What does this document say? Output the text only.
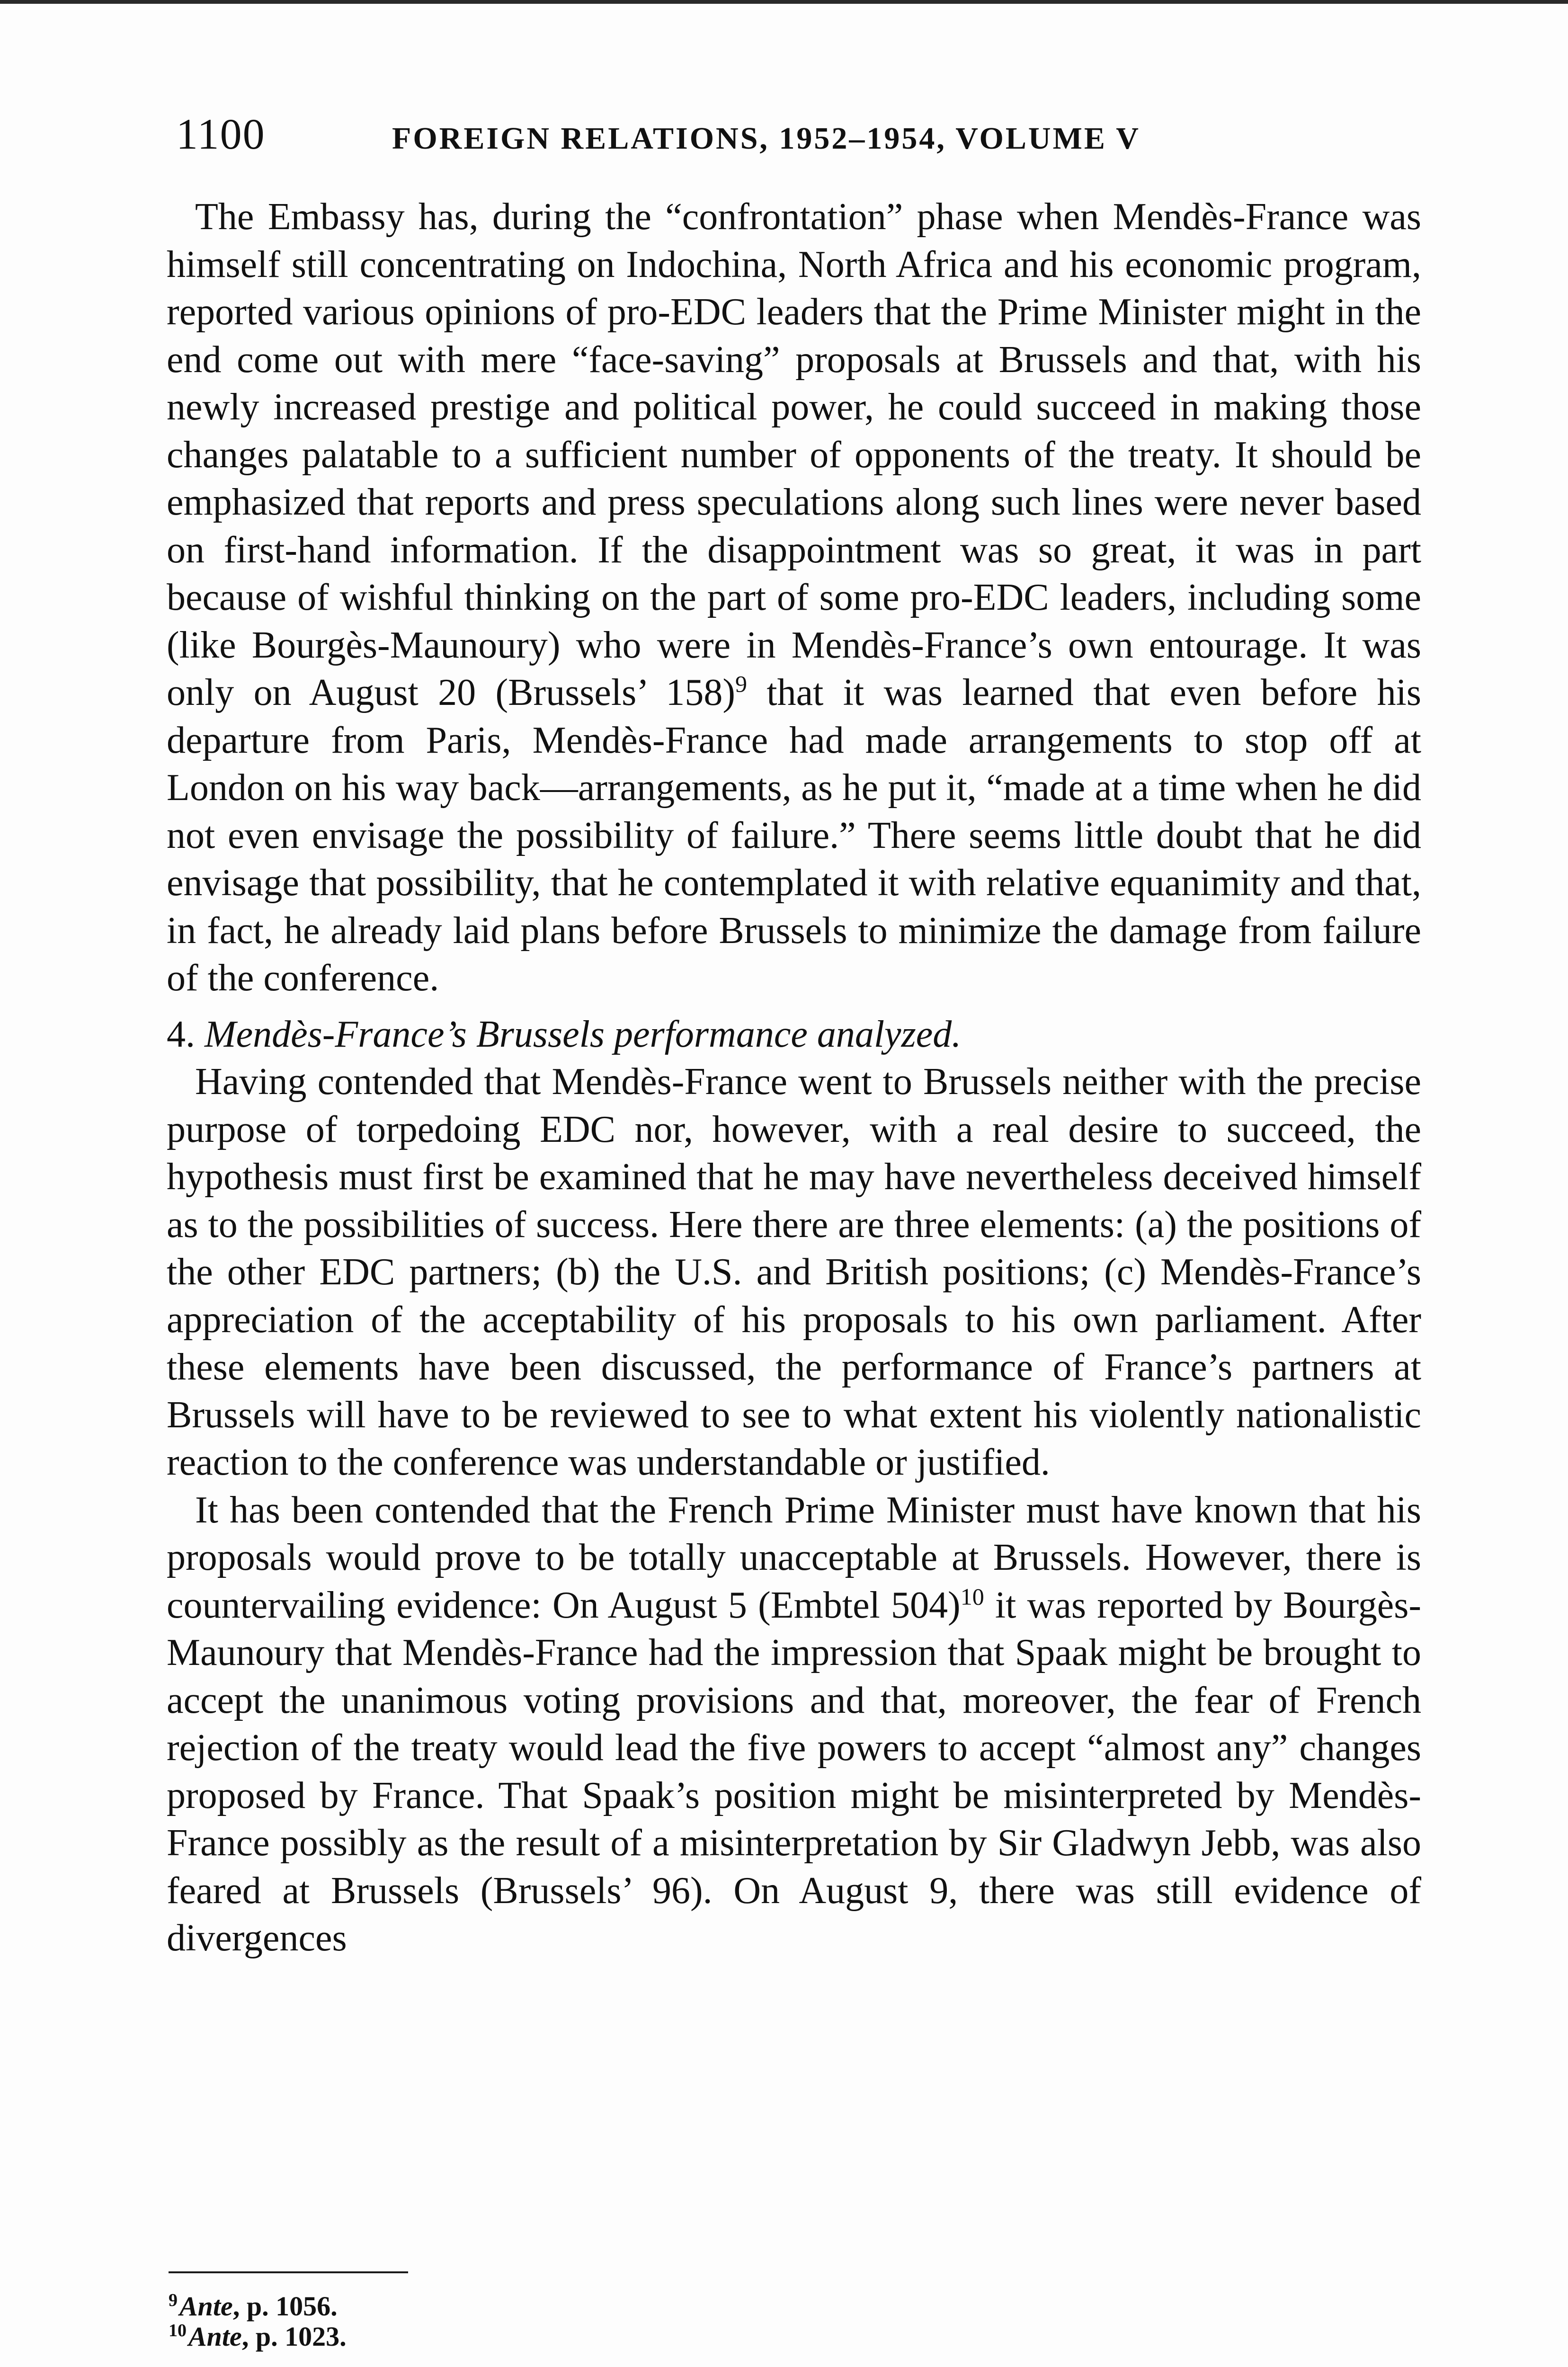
1100	FOREIGN RELATIONS, 1952–1954, VOLUME V

The Embassy has, during the “confrontation” phase when Mendès-France was himself still concentrating on Indochina, North Africa and his economic program, reported various opinions of pro-EDC leaders that the Prime Minister might in the end come out with mere “face-saving” proposals at Brussels and that, with his newly increased prestige and political power, he could succeed in making those changes palatable to a sufficient number of opponents of the treaty. It should be emphasized that reports and press speculations along such lines were never based on first-hand information. If the disappointment was so great, it was in part because of wishful thinking on the part of some pro-EDC leaders, including some (like Bourgès-Maunoury) who were in Mendès-France’s own entourage. It was only on August 20 (Brussels’ 158)$^9$ that it was learned that even before his departure from Paris, Mendès-France had made arrangements to stop off at London on his way back—arrangements, as he put it, “made at a time when he did not even envisage the possibility of failure.” There seems little doubt that he did envisage that possibility, that he contemplated it with relative equanimity and that, in fact, he already laid plans before Brussels to minimize the damage from failure of the conference.

4. Mendès-France’s Brussels performance analyzed.

Having contended that Mendès-France went to Brussels neither with the precise purpose of torpedoing EDC nor, however, with a real desire to succeed, the hypothesis must first be examined that he may have nevertheless deceived himself as to the possibilities of success. Here there are three elements: (a) the positions of the other EDC partners; (b) the U.S. and British positions; (c) Mendès-France’s appreciation of the acceptability of his proposals to his own parliament. After these elements have been discussed, the performance of France’s partners at Brussels will have to be reviewed to see to what extent his violently nationalistic reaction to the conference was understandable or justified.

It has been contended that the French Prime Minister must have known that his proposals would prove to be totally unacceptable at Brussels. However, there is countervailing evidence: On August 5 (Embtel 504)$^{10}$ it was reported by Bourgès-Maunoury that Mendès-France had the impression that Spaak might be brought to accept the unanimous voting provisions and that, moreover, the fear of French rejection of the treaty would lead the five powers to accept “almost any” changes proposed by France. That Spaak’s position might be misinterpreted by Mendès-France possibly as the result of a misinterpretation by Sir Gladwyn Jebb, was also feared at Brussels (Brussels’ 96). On August 9, there was still evidence of divergences

$^9$Ante, p. 1056.

$^{10}$Ante, p. 1023.
